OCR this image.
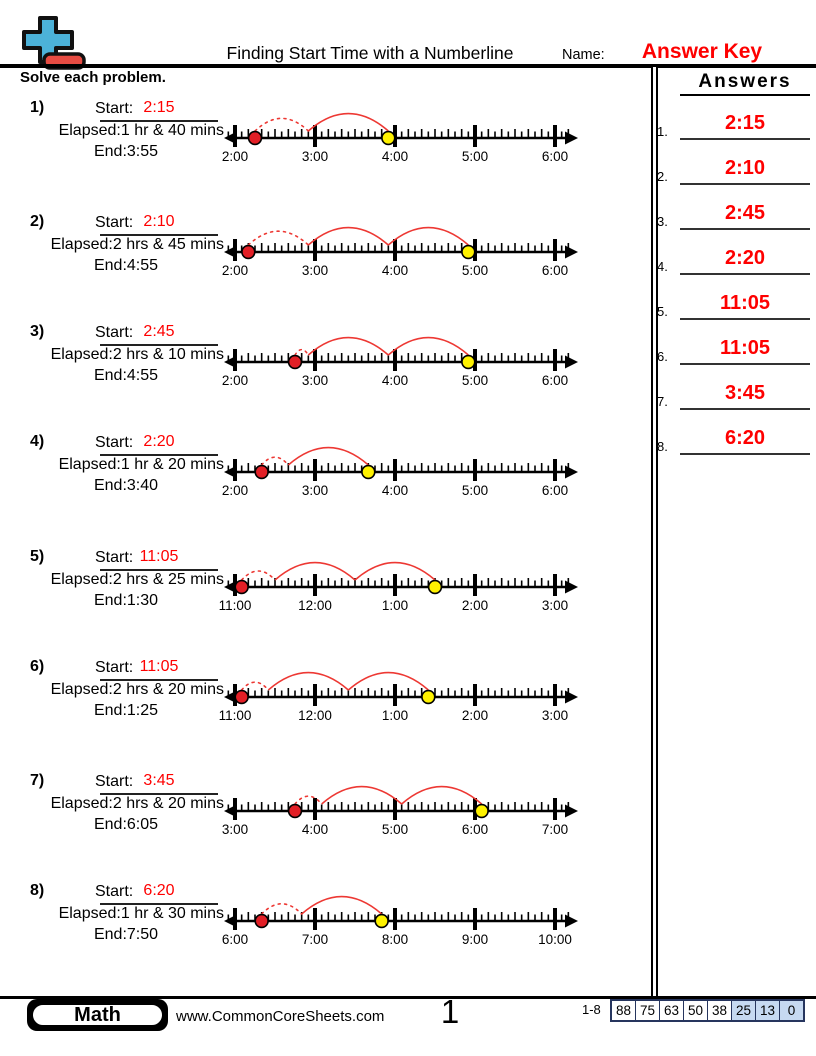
Finding Start Time with a Numberline	Name:	Answer Key
Solve each problem.
1)	Start: 2:15
Elapsed:1 hr & 40 mins
End:3:55	2:00	3:00	4:00	5:00	6:00
2)	Start: 2:10
Elapsed:2 hrs & 45 mins
End:4:55	2:00	3:00	4:00	5:00	6:00
3)	Start: 2:45
Elapsed:2 hrs & 10 mins
End:4:55	2:00	3:00	4:00	5:00	6:00
4)	Start: 2:20
Elapsed:1 hr & 20 mins
End:3:40	2:00	3:00	4:00	5:00	6:00
5)	Start: 11:05
Elapsed:2 hrs & 25 mins
End:1:30	11:00	12:00	1:00	2:00	3:00
6)	Start: 11:05
Elapsed:2 hrs & 20 mins
End:1:25	11:00	12:00	1:00	2:00	3:00
7)	Start: 3:45
Elapsed:2 hrs & 20 mins
End:6:05	3:00	4:00	5:00	6:00	7:00
8)	Start: 6:20
Elapsed:1 hr & 30 mins
End:7:50	6:00	7:00	8:00	9:00	10:00
Answers
1.	2:15
2.	2:10
3.	2:45
4.	2:20
5.	11:05
6.	11:05
7.	3:45
8.	6:20
Math	www.CommonCoreSheets.com	1	1-8 88 75 63 50 38 25 13 0
